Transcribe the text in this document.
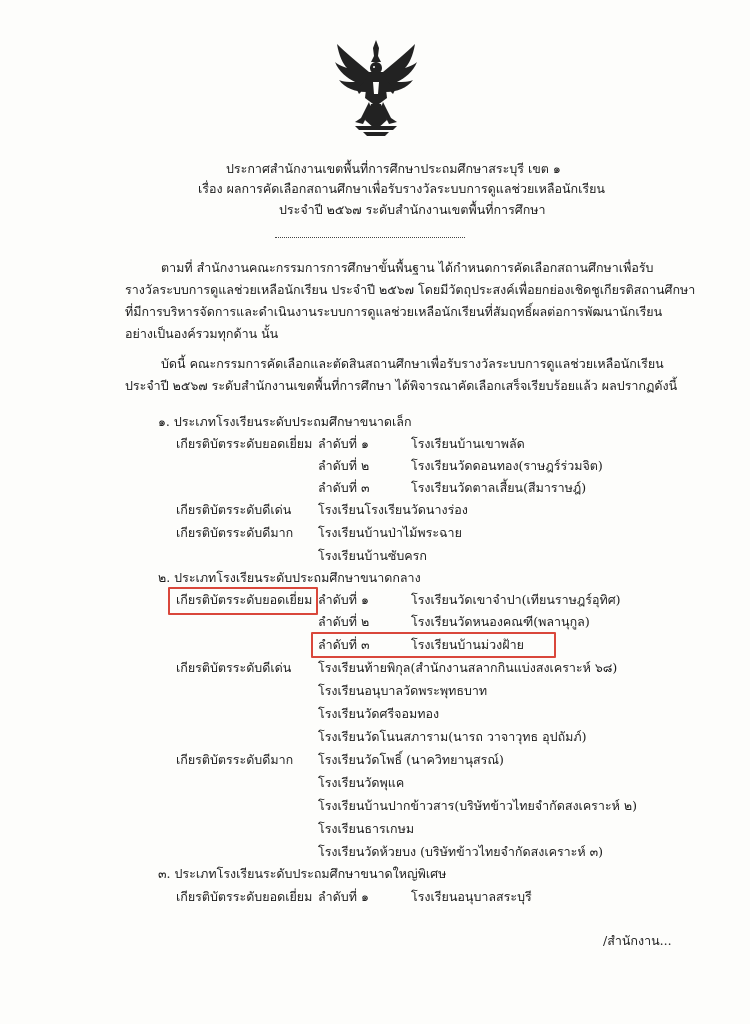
ประกาศสำนักงานเขตพื้นที่การศึกษาประถมศึกษาสระบุรี เขต ๑
เรื่อง ผลการคัดเลือกสถานศึกษาเพื่อรับรางวัลระบบการดูแลช่วยเหลือนักเรียน
ประจำปี ๒๕๖๗ ระดับสำนักงานเขตพื้นที่การศึกษา
ตามที่ สำนักงานคณะกรรมการการศึกษาขั้นพื้นฐาน ได้กำหนดการคัดเลือกสถานศึกษาเพื่อรับ
รางวัลระบบการดูแลช่วยเหลือนักเรียน ประจำปี ๒๕๖๗ โดยมีวัตถุประสงค์เพื่อยกย่องเชิดชูเกียรติสถานศึกษา
ที่มีการบริหารจัดการและดำเนินงานระบบการดูแลช่วยเหลือนักเรียนที่สัมฤทธิ์ผลต่อการพัฒนานักเรียน
อย่างเป็นองค์รวมทุกด้าน นั้น
บัดนี้ คณะกรรมการคัดเลือกและตัดสินสถานศึกษาเพื่อรับรางวัลระบบการดูแลช่วยเหลือนักเรียน
ประจำปี ๒๕๖๗ ระดับสำนักงานเขตพื้นที่การศึกษา ได้พิจารณาคัดเลือกเสร็จเรียบร้อยแล้ว ผลปรากฏดังนี้
๑. ประเภทโรงเรียนระดับประถมศึกษาขนาดเล็ก
เกียรติบัตรระดับยอดเยี่ยม ลำดับที่ ๑	โรงเรียนบ้านเขาพลัด
ลำดับที่ ๒	โรงเรียนวัดดอนทอง(ราษฎร์ร่วมจิต)
ลำดับที่ ๓	โรงเรียนวัดตาลเสี้ยน(สีมาราษฎ์)
เกียรติบัตรระดับดีเด่น โรงเรียนโรงเรียนวัดนางร่อง
เกียรติบัตรระดับดีมาก โรงเรียนบ้านป่าไม้พระฉาย
โรงเรียนบ้านซับครก
๒. ประเภทโรงเรียนระดับประถมศึกษาขนาดกลาง
เกียรติบัตรระดับยอดเยี่ยม ลำดับที่ ๑	โรงเรียนวัดเขาจำปา(เทียนราษฎร์อุทิศ)
ลำดับที่ ๒	โรงเรียนวัดหนองคณฑี(พลานุกูล)
ลำดับที่ ๓	โรงเรียนบ้านม่วงฝ้าย
เกียรติบัตรระดับดีเด่น โรงเรียนท้ายพิกุล(สำนักงานสลากกินแบ่งสงเคราะห์ ๖๘)
โรงเรียนอนุบาลวัดพระพุทธบาท
โรงเรียนวัดศรีจอมทอง
โรงเรียนวัดโนนสภาราม(นารถ วาจาวุทธ อุปถัมภ์)
เกียรติบัตรระดับดีมาก โรงเรียนวัดโพธิ์ (นาควิทยานุสรณ์)
โรงเรียนวัดพุแค
โรงเรียนบ้านปากข้าวสาร(บริษัทข้าวไทยจำกัดสงเคราะห์ ๒)
โรงเรียนธารเกษม
โรงเรียนวัดห้วยบง (บริษัทข้าวไทยจำกัดสงเคราะห์ ๓)
๓. ประเภทโรงเรียนระดับประถมศึกษาขนาดใหญ่พิเศษ
เกียรติบัตรระดับยอดเยี่ยม ลำดับที่ ๑	โรงเรียนอนุบาลสระบุรี
/สำนักงาน...
